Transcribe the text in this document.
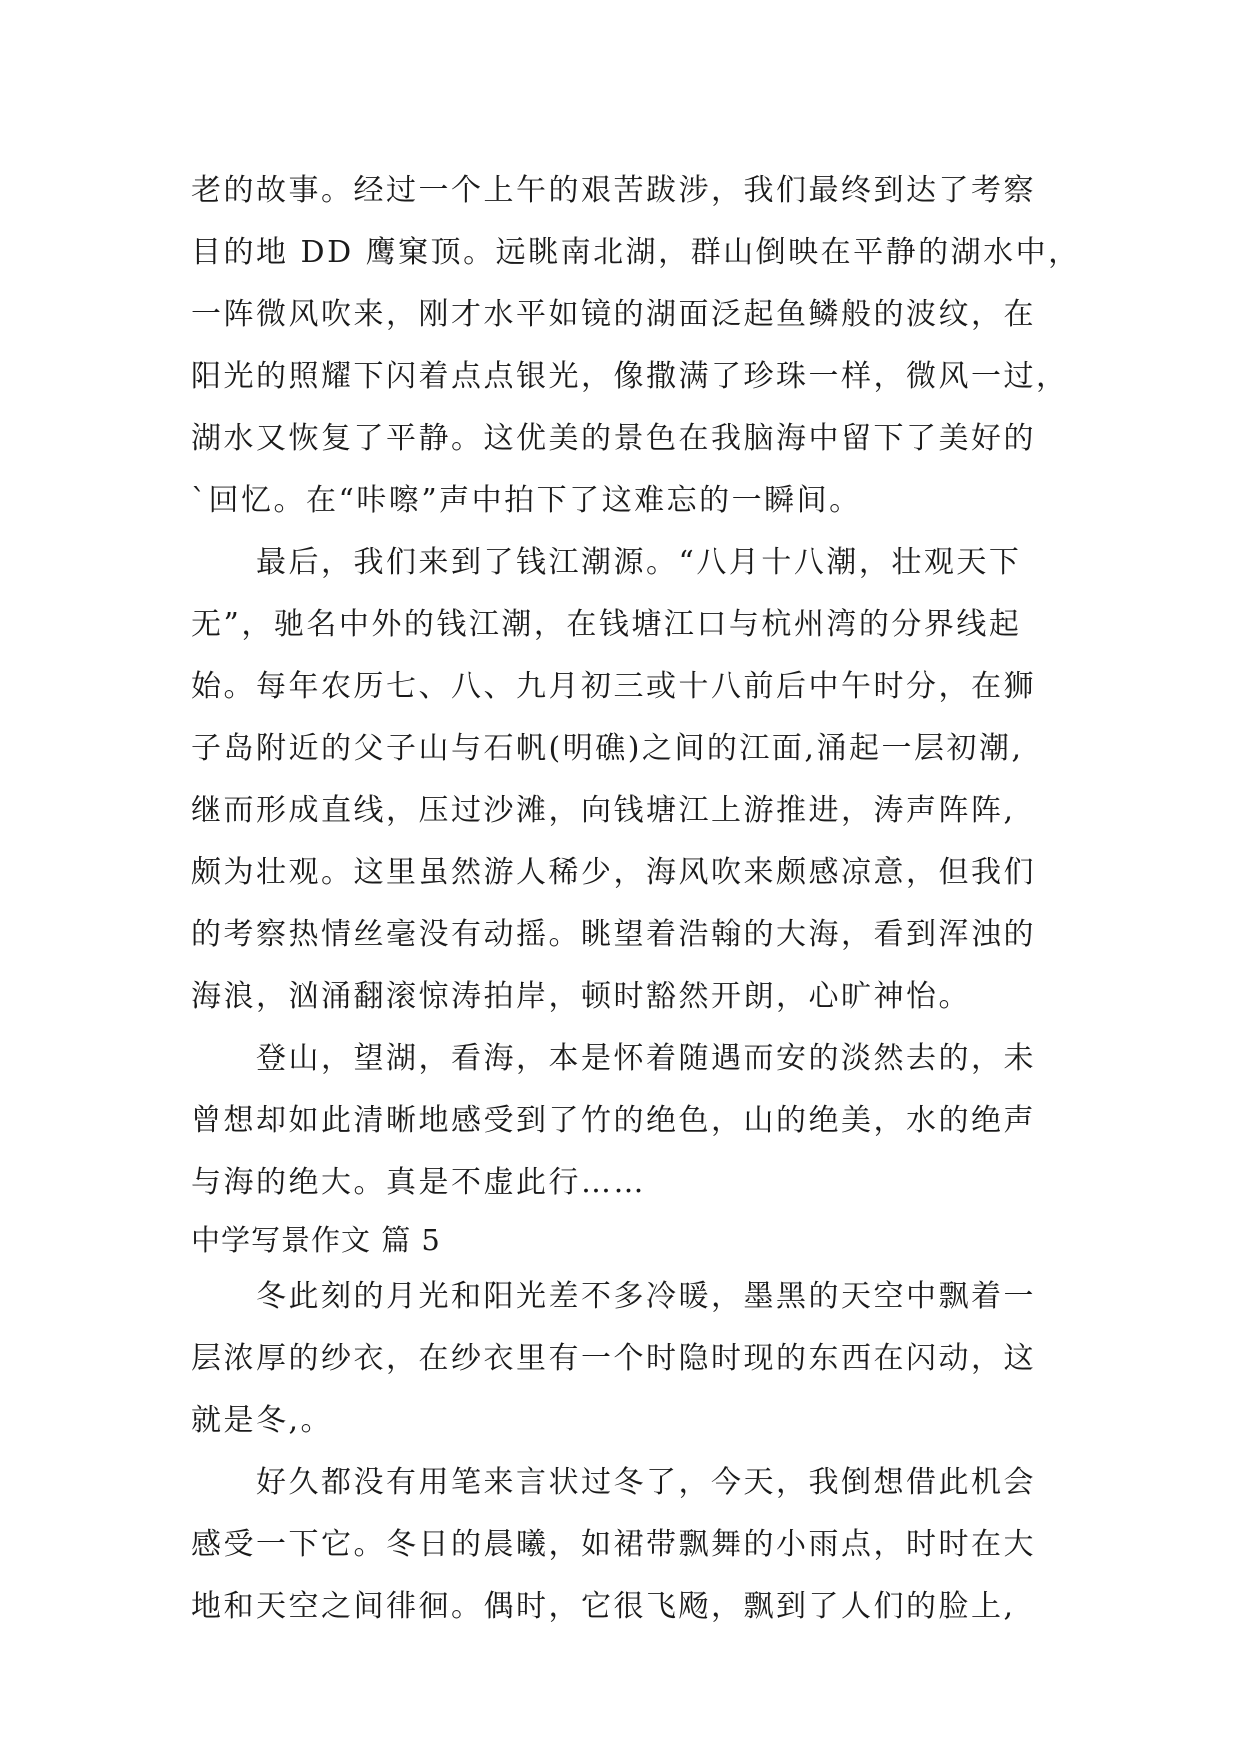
老的故事。经过一个上午的艰苦跋涉，我们最终到达了考察
目的地 DD 鹰窠顶。远眺南北湖，群山倒映在平静的湖水中，
一阵微风吹来，刚才水平如镜的湖面泛起鱼鳞般的波纹，在
阳光的照耀下闪着点点银光，像撒满了珍珠一样，微风一过，
湖水又恢复了平静。这优美的景色在我脑海中留下了美好的
`回忆。在“咔嚓”声中拍下了这难忘的一瞬间。
　　最后，我们来到了钱江潮源。“八月十八潮，壮观天下
无”，驰名中外的钱江潮，在钱塘江口与杭州湾的分界线起
始。每年农历七、八、九月初三或十八前后中午时分，在狮
子岛附近的父子山与石帆(明礁)之间的江面,涌起一层初潮,
继而形成直线，压过沙滩，向钱塘江上游推进，涛声阵阵,
颇为壮观。这里虽然游人稀少，海风吹来颇感凉意，但我们
的考察热情丝毫没有动摇。眺望着浩翰的大海，看到浑浊的
海浪，汹涌翻滚惊涛拍岸，顿时豁然开朗，心旷神怡。
　　登山，望湖，看海，本是怀着随遇而安的淡然去的，未
曾想却如此清晰地感受到了竹的绝色，山的绝美，水的绝声
与海的绝大。真是不虚此行……
中学写景作文 篇 5
　　冬此刻的月光和阳光差不多冷暖，墨黑的天空中飘着一
层浓厚的纱衣，在纱衣里有一个时隐时现的东西在闪动，这
就是冬,。
　　好久都没有用笔来言状过冬了，今天，我倒想借此机会
感受一下它。冬日的晨曦，如裙带飘舞的小雨点，时时在大
地和天空之间徘徊。偶时，它很飞飏，飘到了人们的脸上,
